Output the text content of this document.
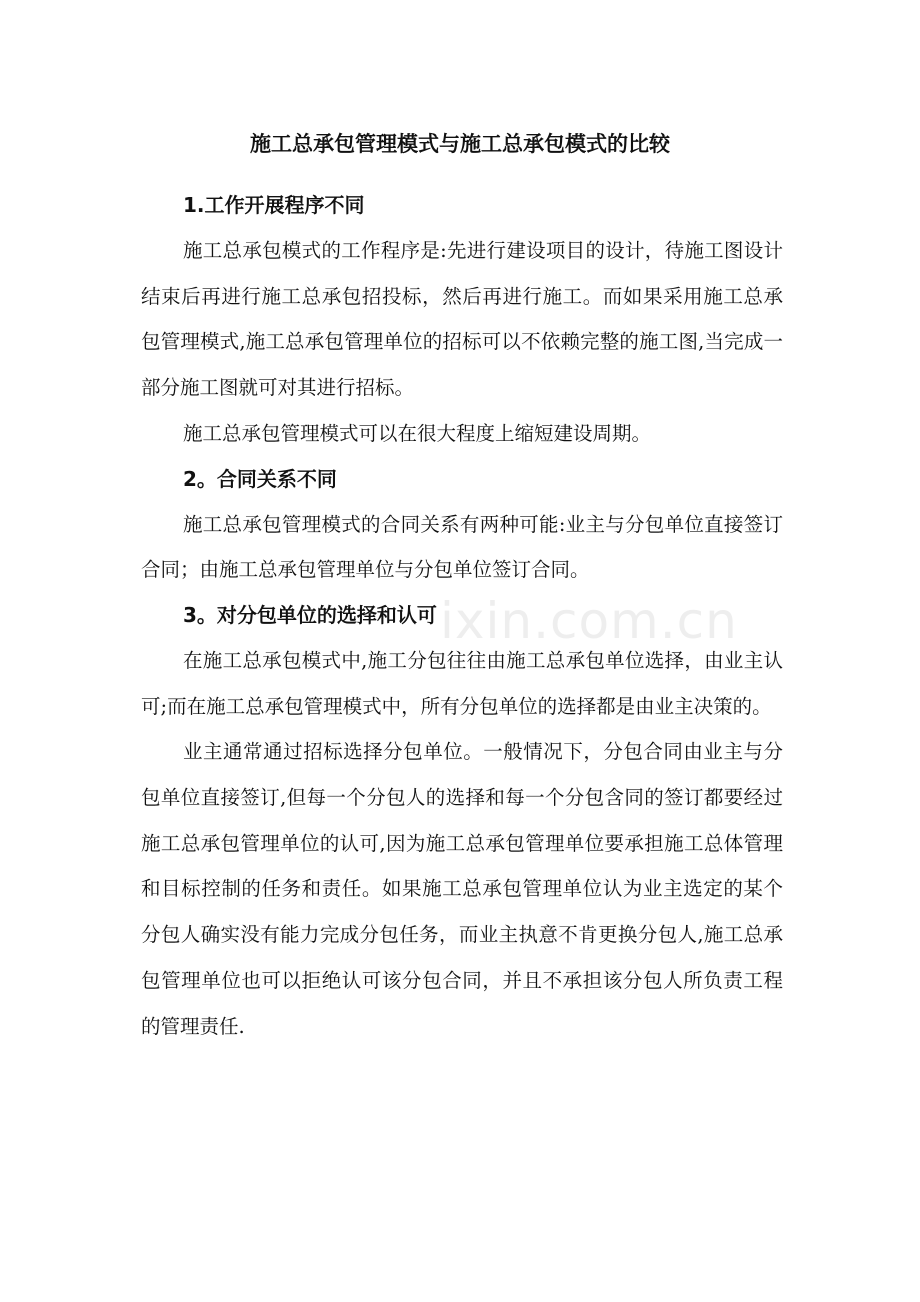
施工总承包管理模式与施工总承包模式的比较

1.工作开展程序不同

施工总承包模式的工作程序是:先进行建设项目的设计，待施工图设计结束后再进行施工总承包招投标，然后再进行施工。而如果采用施工总承包管理模式,施工总承包管理单位的招标可以不依赖完整的施工图,当完成一部分施工图就可对其进行招标。

施工总承包管理模式可以在很大程度上缩短建设周期。

2。合同关系不同

施工总承包管理模式的合同关系有两种可能:业主与分包单位直接签订合同；由施工总承包管理单位与分包单位签订合同。

3。对分包单位的选择和认可

在施工总承包模式中,施工分包往往由施工总承包单位选择，由业主认可;而在施工总承包管理模式中，所有分包单位的选择都是由业主决策的。

业主通常通过招标选择分包单位。一般情况下，分包合同由业主与分包单位直接签订,但每一个分包人的选择和每一个分包含同的签订都要经过施工总承包管理单位的认可,因为施工总承包管理单位要承担施工总体管理和目标控制的任务和责任。如果施工总承包管理单位认为业主选定的某个分包人确实没有能力完成分包任务，而业主执意不肯更换分包人,施工总承包管理单位也可以拒绝认可该分包合同，并且不承担该分包人所负责工程的管理责任.

ixin.com.cn
